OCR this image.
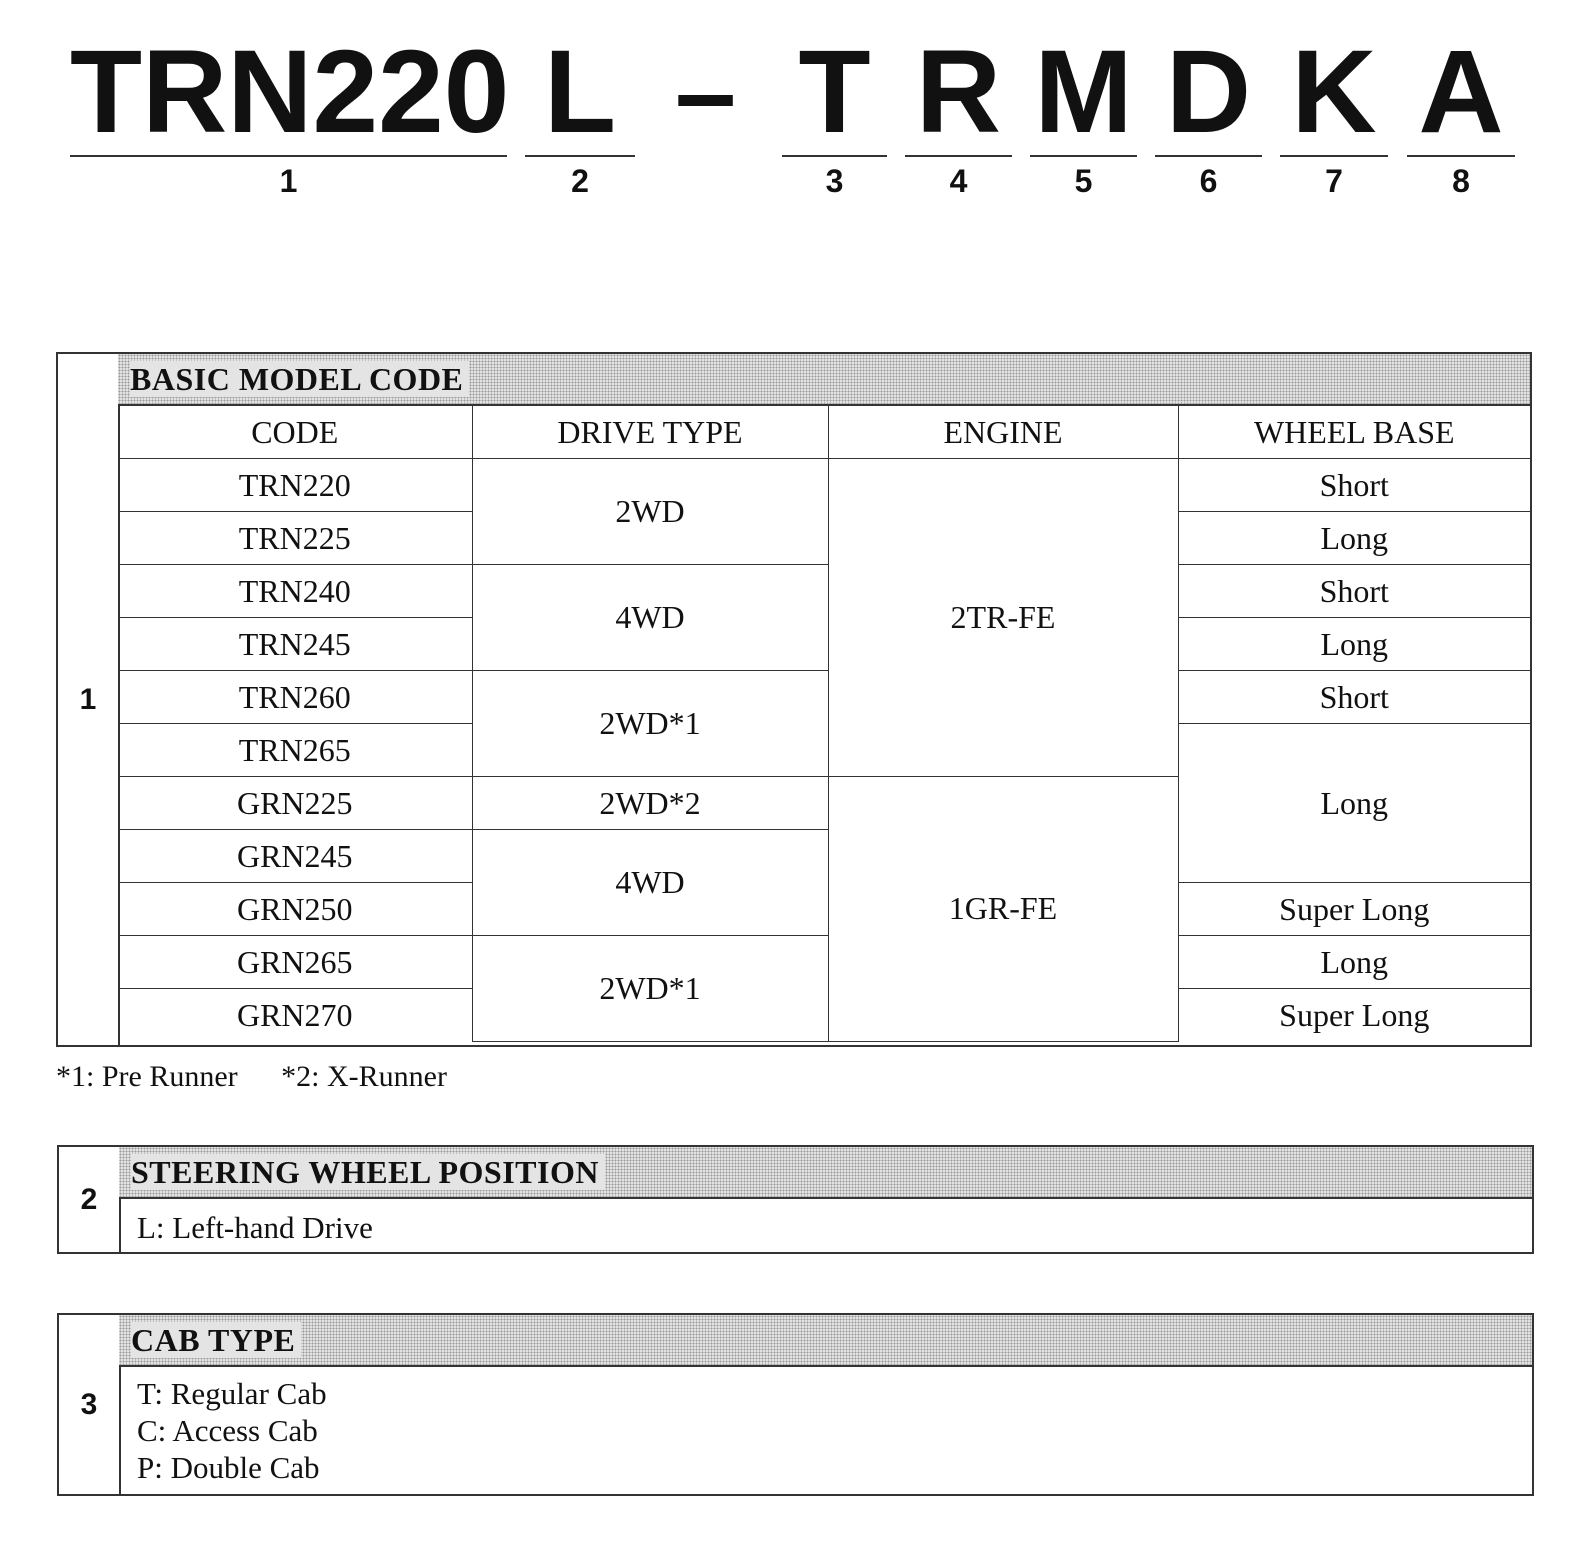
TRN220
1
L
2
– T
3
R
4
M
5
D
6
K
7
A
8
1
BASIC MODEL CODE
CODE	DRIVE TYPE	ENGINE	WHEEL BASE
TRN220	2WD	2TR-FE	Short
TRN225			Long
TRN240	4WD		Short
TRN245			Long
TRN260	2WD*1		Short
TRN265			Long
GRN225	2WD*2	1GR-FE	
GRN245	4WD		
GRN250			Super Long
GRN265	2WD*1		Long
GRN270			Super Long
*1: Pre Runner *2: X-Runner
2
STEERING WHEEL POSITION
L: Left-hand Drive
3
CAB TYPE
T: Regular Cab
C: Access Cab
P: Double Cab
